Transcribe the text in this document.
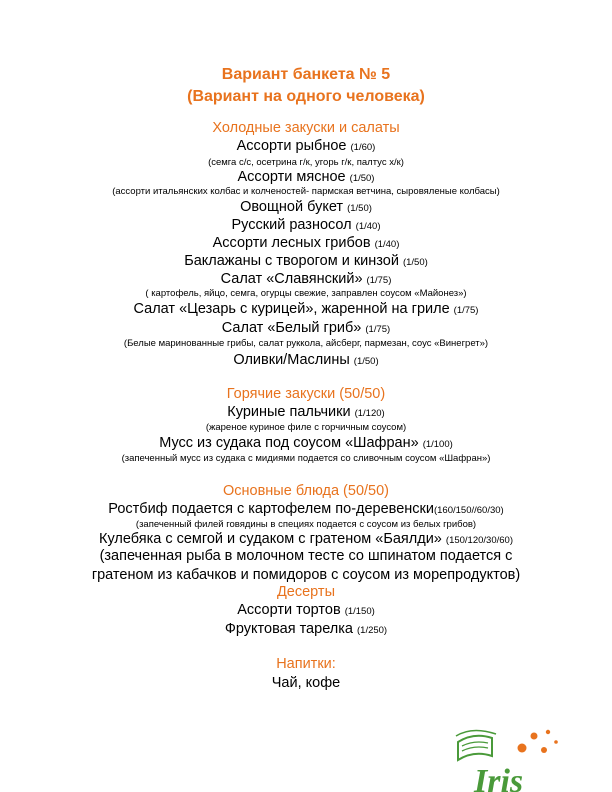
Вариант банкета № 5
(Вариант на одного человека)
Холодные закуски и салаты
Ассорти рыбное (1/60)
(семга с/с, осетрина г/к, угорь г/к, палтус х/к)
Ассорти мясное (1/50)
(ассорти итальянских колбас и колченостей- пармская ветчина, сыровяленые колбасы)
Овощной букет (1/50)
Русский разносол (1/40)
Ассорти лесных грибов (1/40)
Баклажаны с творогом и кинзой (1/50)
Салат «Славянский» (1/75)
( картофель, яйцо, семга, огурцы свежие, заправлен соусом «Майонез»)
Салат «Цезарь с курицей», жаренной на гриле (1/75)
Салат «Белый гриб» (1/75)
(Белые маринованные грибы, салат руккола, айсберг, пармезан, соус «Винегрет»)
Оливки/Маслины (1/50)
Горячие закуски (50/50)
Куриные пальчики (1/120)
(жареное куриное филе с горчичным соусом)
Мусс из судака под соусом «Шафран» (1/100)
(запеченный мусс из судака с мидиями подается со сливочным соусом «Шафран»)
Основные блюда (50/50)
Ростбиф подается с картофелем по-деревенски(160/150//60/30)
(запеченный филей говядины в специях подается с соусом из белых грибов)
Кулебяка с семгой и судаком с гратеном «Баялди» (150/120/30/60)
(запеченная рыба в молочном тесте со шпинатом подается с
гратеном из кабачков и помидоров с соусом из морепродуктов)
Десерты
Ассорти тортов (1/150)
Фруктовая тарелка (1/250)
Напитки:
Чай, кофе
Iris
